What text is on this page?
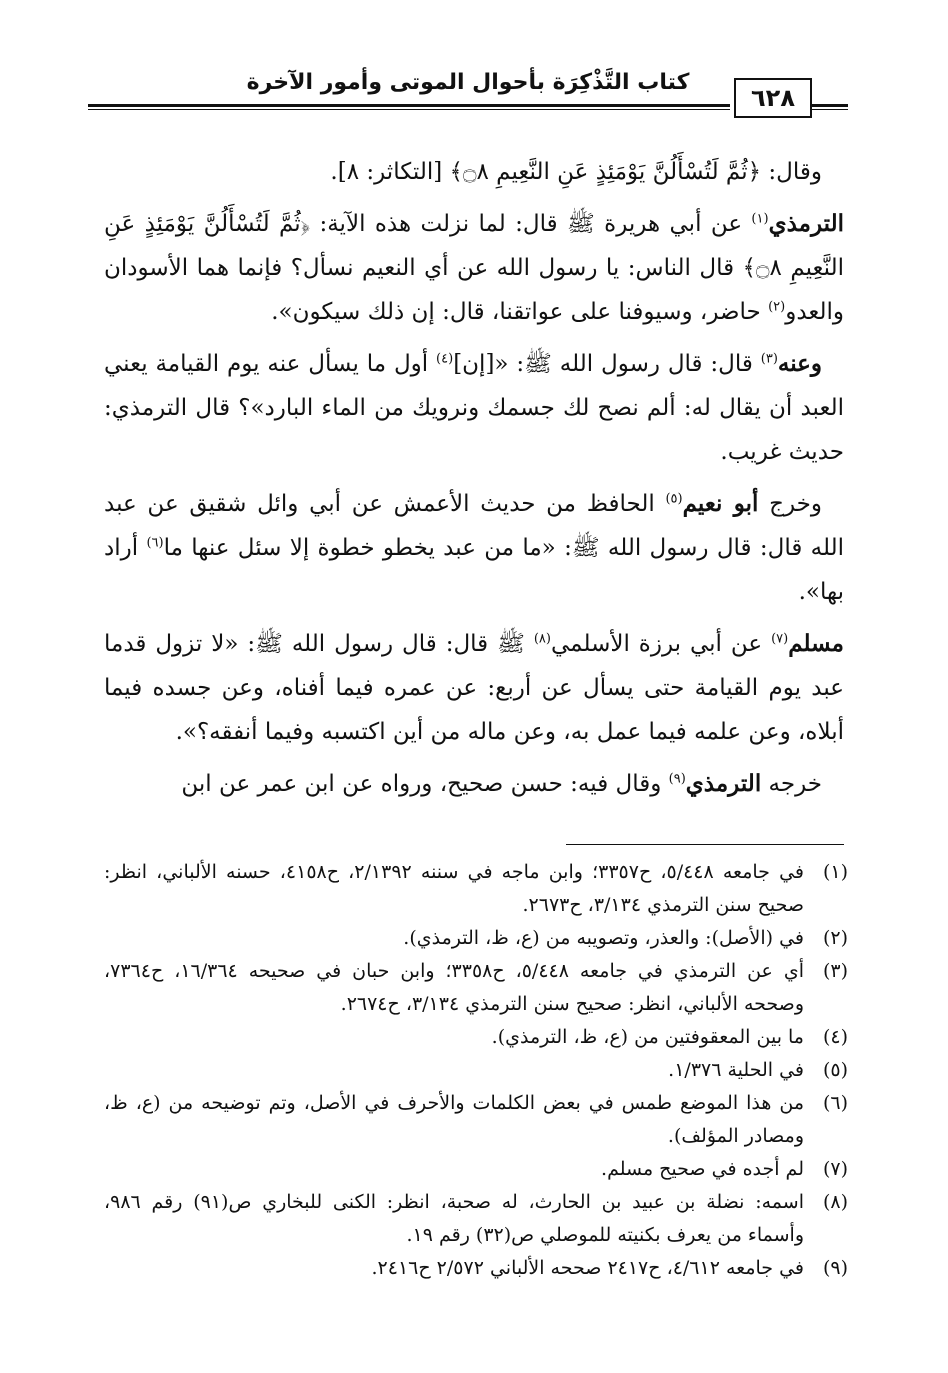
كتاب التَّذْكِرَة بأحوال الموتى وأمور الآخرة
٦٢٨

وقال: ﴿ثُمَّ لَتُسْأَلُنَّ يَوْمَئِذٍ عَنِ النَّعِيمِ ۝٨﴾ [التكاثر: ٨].

الترمذي$^{(١)}$ عن أبي هريرة ﷺ قال: لما نزلت هذه الآية: ﴿ثُمَّ لَتُسْأَلُنَّ يَوْمَئِذٍ عَنِ النَّعِيمِ ۝٨﴾ قال الناس: يا رسول الله عن أي النعيم نسأل؟ فإنما هما الأسودان والعدو$^{(٢)}$ حاضر، وسيوفنا على عواتقنا، قال: إن ذلك سيكون».

وعنه$^{(٣)}$ قال: قال رسول الله ﷺ: «[إن]$^{(٤)}$ أول ما يسأل عنه يوم القيامة يعني العبد أن يقال له: ألم نصح لك جسمك ونرويك من الماء البارد»؟ قال الترمذي: حديث غريب.

وخرج أبو نعيم$^{(٥)}$ الحافظ من حديث الأعمش عن أبي وائل شقيق عن عبد الله قال: قال رسول الله ﷺ: «ما من عبد يخطو خطوة إلا سئل عنها ما$^{(٦)}$ أراد بها».

مسلم$^{(٧)}$ عن أبي برزة الأسلمي$^{(٨)}$ ﷺ قال: قال رسول الله ﷺ: «لا تزول قدما عبد يوم القيامة حتى يسأل عن أربع: عن عمره فيما أفناه، وعن جسده فيما أبلاه، وعن علمه فيما عمل به، وعن ماله من أين اكتسبه وفيما أنفقه؟».

خرجه الترمذي$^{(٩)}$ وقال فيه: حسن صحيح، ورواه عن ابن عمر عن ابن

(١)
في جامعه ٥/٤٤٨، ح٣٣٥٧؛ وابن ماجه في سننه ٢/١٣٩٢، ح٤١٥٨، حسنه الألباني، انظر: صحيح سنن الترمذي ٣/١٣٤، ح٢٦٧٣.
(٢)
في (الأصل): والعذر، وتصويبه من (ع، ظ، الترمذي).
(٣)
أي عن الترمذي في جامعه ٥/٤٤٨، ح٣٣٥٨؛ وابن حبان في صحيحه ١٦/٣٦٤، ح٧٣٦٤، وصححه الألباني، انظر: صحيح سنن الترمذي ٣/١٣٤، ح٢٦٧٤.
(٤)
ما بين المعقوفتين من (ع، ظ، الترمذي).
(٥)
في الحلية ١/٣٧٦.
(٦)
من هذا الموضع طمس في بعض الكلمات والأحرف في الأصل، وتم توضيحه من (ع، ظ، ومصادر المؤلف).
(٧)
لم أجده في صحيح مسلم.
(٨)
اسمه: نضلة بن عبيد بن الحارث، له صحبة، انظر: الكنى للبخاري ص(٩١) رقم ٩٨٦، وأسماء من يعرف بكنيته للموصلي ص(٣٢) رقم ١٩.
(٩)
في جامعه ٤/٦١٢، ح٢٤١٧ صححه الألباني ٢/٥٧٢ ح٢٤١٦.
